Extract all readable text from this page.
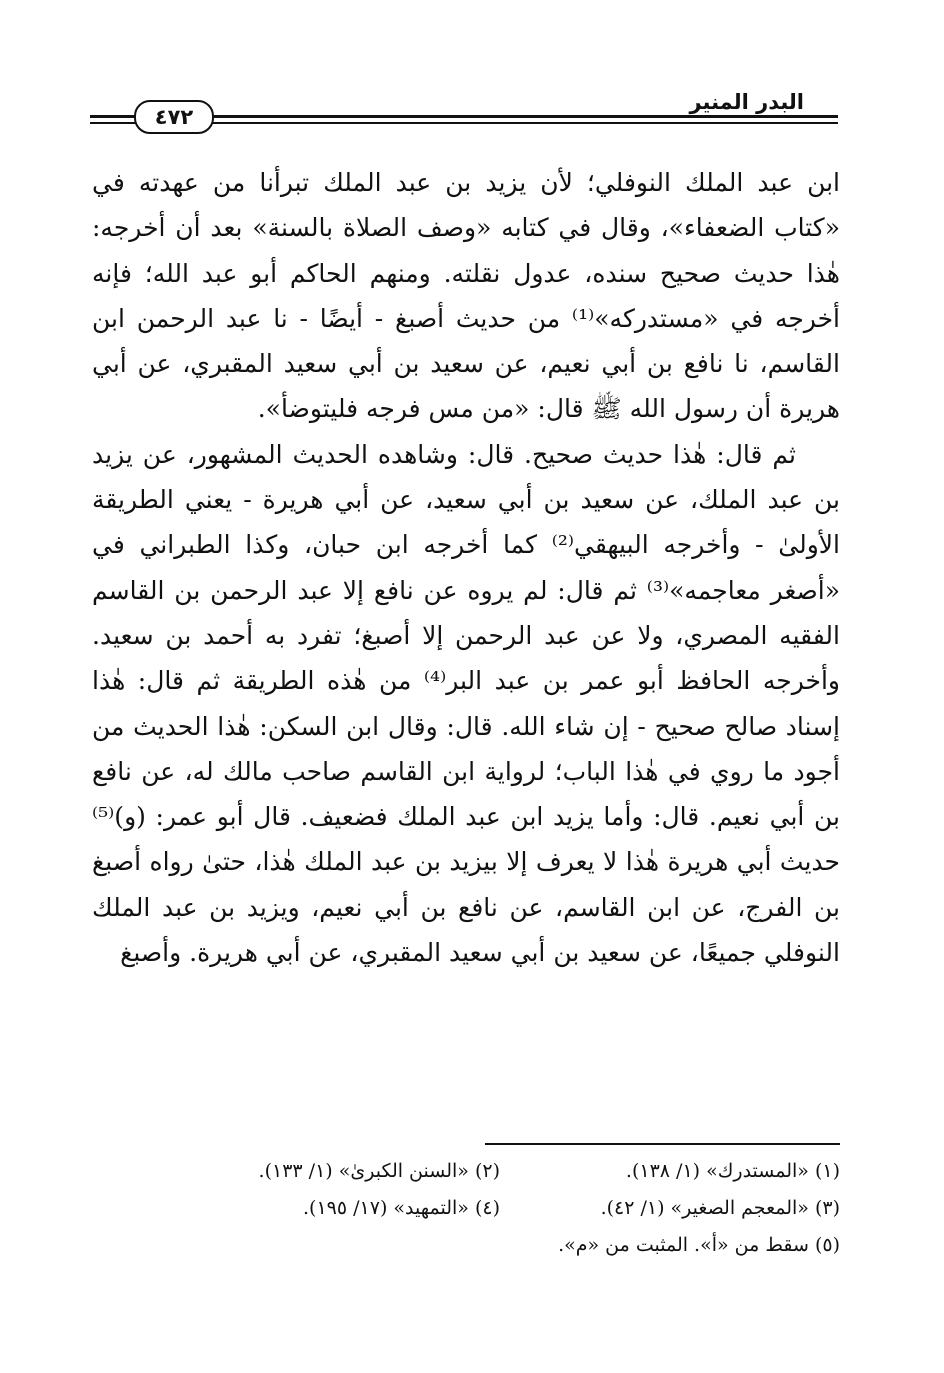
البدر المنير
٤٧٢

ابن عبد الملك النوفلي؛ لأن يزيد بن عبد الملك تبرأنا من عهدته في «كتاب الضعفاء»، وقال في كتابه «وصف الصلاة بالسنة» بعد أن أخرجه: هٰذا حديث صحيح سنده، عدول نقلته. ومنهم الحاكم أبو عبد الله؛ فإنه أخرجه في «مستدركه»⁽¹⁾ من حديث أصبغ - أيضًا - نا عبد الرحمن ابن القاسم، نا نافع بن أبي نعيم، عن سعيد بن أبي سعيد المقبري، عن أبي هريرة أن رسول الله ﷺ قال: «من مس فرجه فليتوضأ».

ثم قال: هٰذا حديث صحيح. قال: وشاهده الحديث المشهور، عن يزيد بن عبد الملك، عن سعيد بن أبي سعيد، عن أبي هريرة - يعني الطريقة الأولىٰ - وأخرجه البيهقي⁽²⁾ كما أخرجه ابن حبان، وكذا الطبراني في «أصغر معاجمه»⁽³⁾ ثم قال: لم يروه عن نافع إلا عبد الرحمن بن القاسم الفقيه المصري، ولا عن عبد الرحمن إلا أصبغ؛ تفرد به أحمد بن سعيد. وأخرجه الحافظ أبو عمر بن عبد البر⁽⁴⁾ من هٰذه الطريقة ثم قال: هٰذا إسناد صالح صحيح - إن شاء الله. قال: وقال ابن السكن: هٰذا الحديث من أجود ما روي في هٰذا الباب؛ لرواية ابن القاسم صاحب مالك له، عن نافع بن أبي نعيم. قال: وأما يزيد ابن عبد الملك فضعيف. قال أبو عمر: (و)⁽⁵⁾ حديث أبي هريرة هٰذا لا يعرف إلا بيزيد بن عبد الملك هٰذا، حتىٰ رواه أصبغ بن الفرج، عن ابن القاسم، عن نافع بن أبي نعيم، ويزيد بن عبد الملك النوفلي جميعًا، عن سعيد بن أبي سعيد المقبري، عن أبي هريرة. وأصبغ

(١) «المستدرك» (١/ ١٣٨).
(٢) «السنن الكبرىٰ» (١/ ١٣٣).
(٣) «المعجم الصغير» (١/ ٤٢).
(٤) «التمهيد» (١٧/ ١٩٥).
(٥) سقط من «أ». المثبت من «م».
